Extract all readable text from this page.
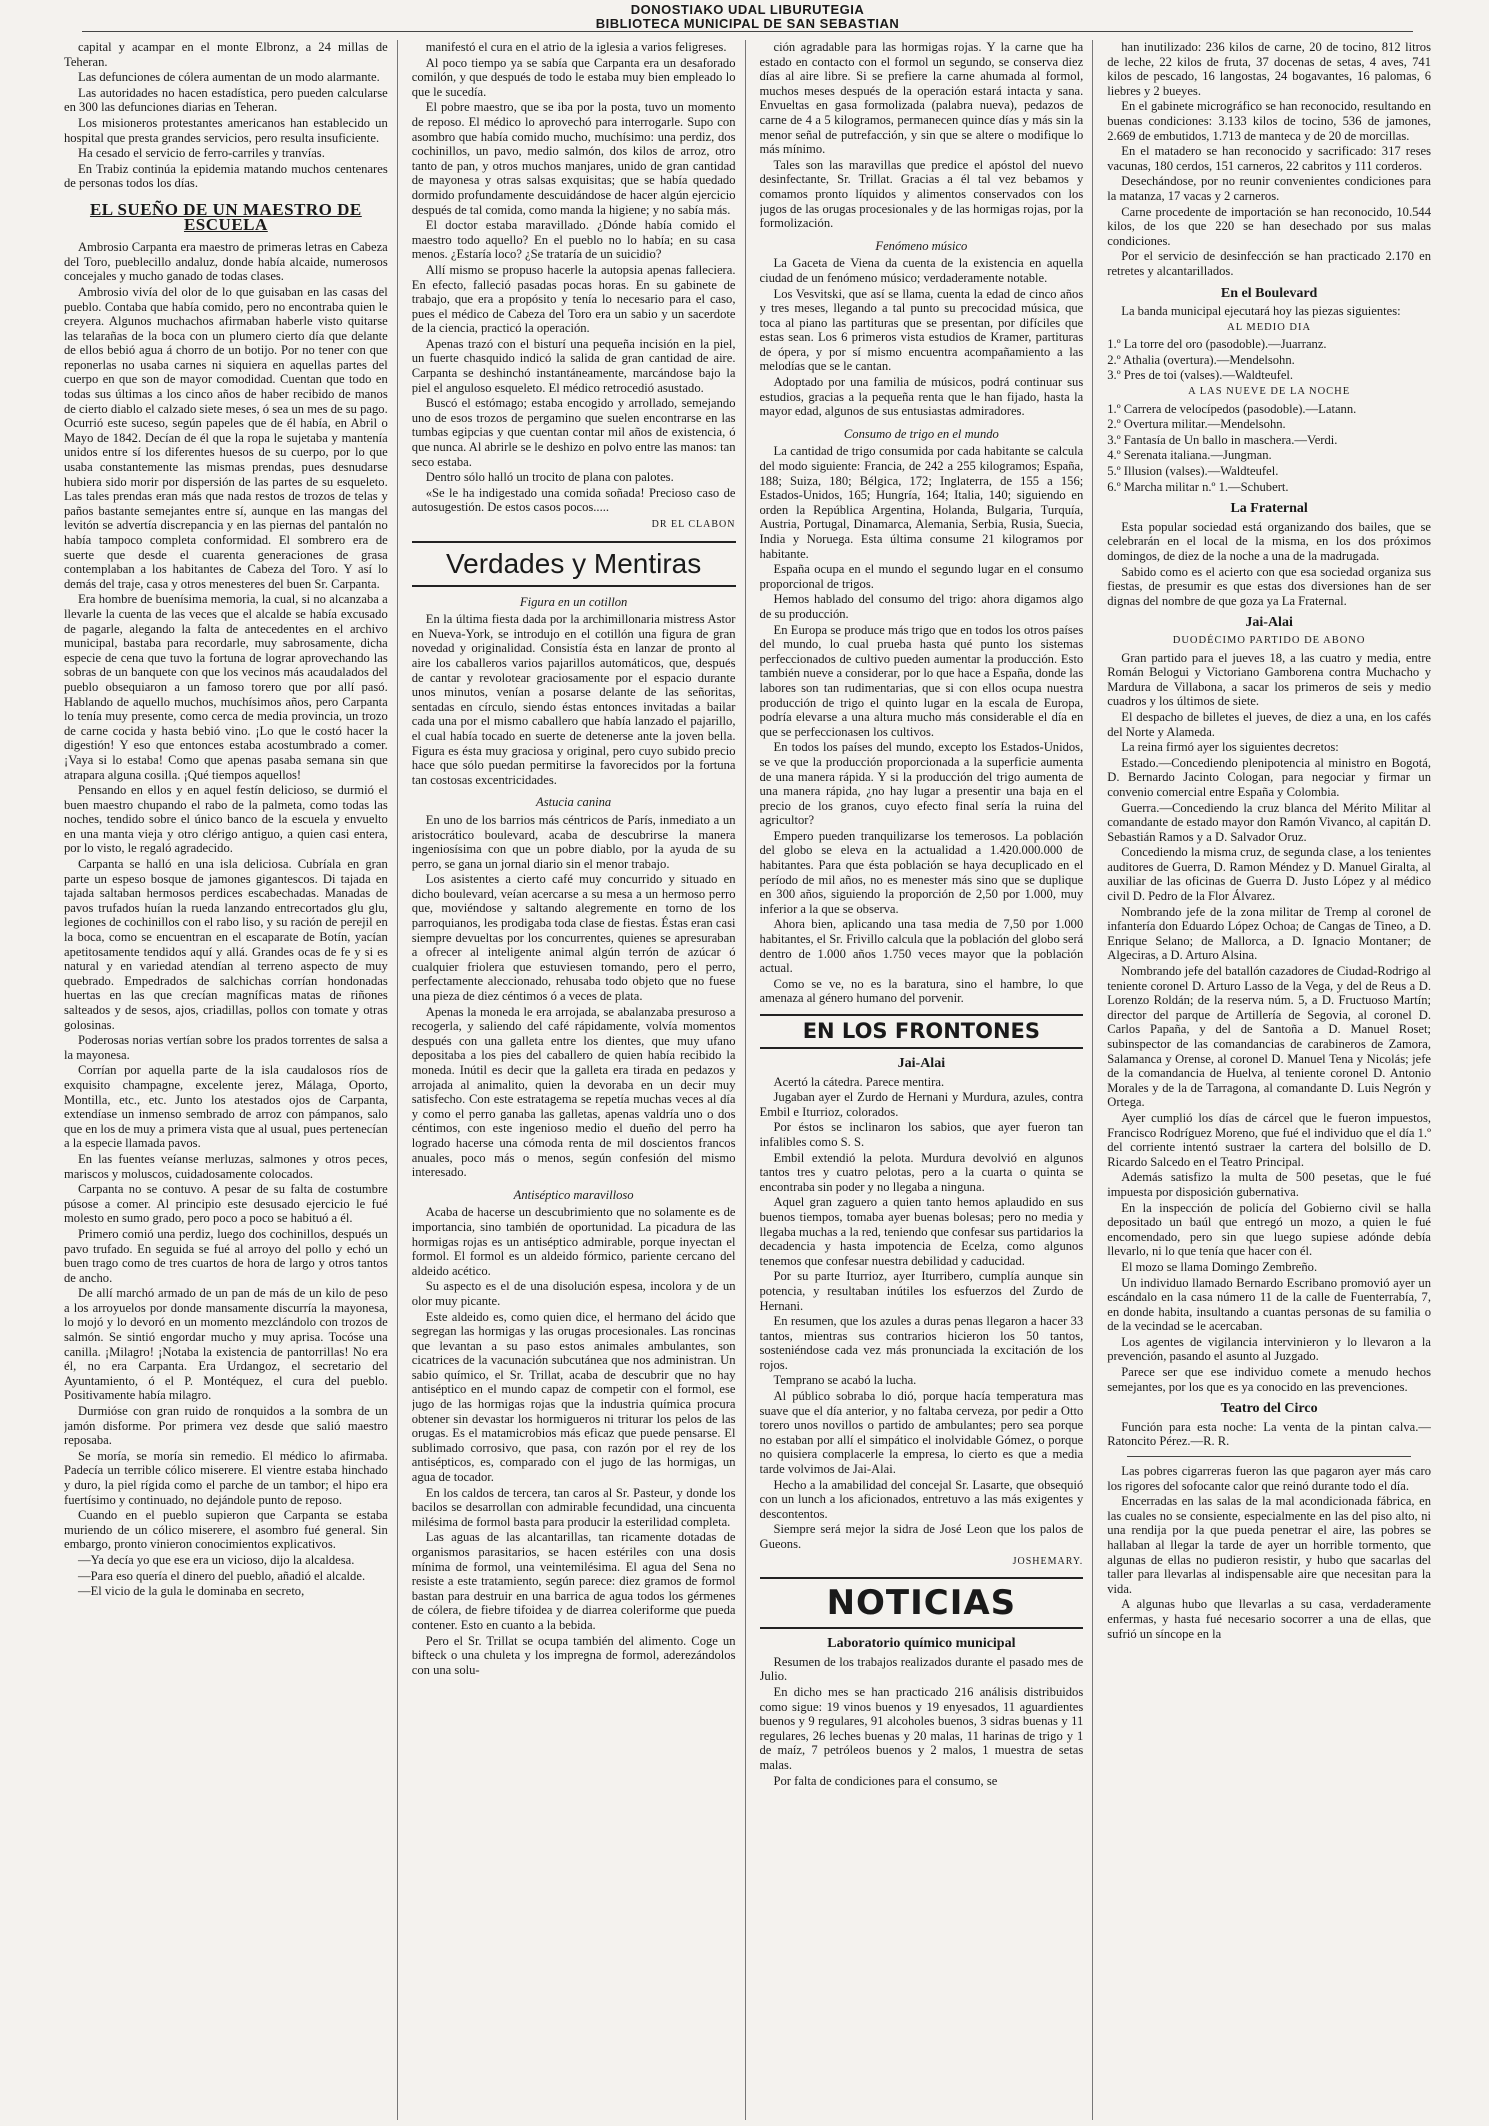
DONOSTIAKO UDAL LIBURUTEGIA
BIBLIOTECA MUNICIPAL DE SAN SEBASTIAN

capital y acampar en el monte Elbronz, a 24 millas de Teheran.

Las defunciones de cólera aumentan de un modo alarmante.

Las autoridades no hacen estadística, pero pueden calcularse en 300 las defunciones diarias en Teheran.

Los misioneros protestantes americanos han establecido un hospital que presta grandes servicios, pero resulta insuficiente.

Ha cesado el servicio de ferro-carriles y tranvías.

En Trabiz continúa la epidemia matando muchos centenares de personas todos los días.

EL SUEÑO DE UN MAESTRO DE ESCUELA

Ambrosio Carpanta era maestro de primeras letras en Cabeza del Toro, pueblecillo andaluz, donde había alcaide, numerosos concejales y mucho ganado de todas clases.

Ambrosio vivía del olor de lo que guisaban en las casas del pueblo. Contaba que había comido, pero no encontraba quien le creyera. Algunos muchachos afirmaban haberle visto quitarse las telarañas de la boca con un plumero cierto día que delante de ellos bebió agua á chorro de un botijo. Por no tener con que reponerlas no usaba carnes ni siquiera en aquellas partes del cuerpo en que son de mayor comodidad. Cuentan que todo en todas sus últimas a los cinco años de haber recibido de manos de cierto diablo el calzado siete meses, ó sea un mes de su pago. Ocurrió este suceso, según papeles que de él había, en Abril o Mayo de 1842. Decían de él que la ropa le sujetaba y mantenía unidos entre sí los diferentes huesos de su cuerpo, por lo que usaba constantemente las mismas prendas, pues desnudarse hubiera sido morir por dispersión de las partes de su esqueleto. Las tales prendas eran más que nada restos de trozos de telas y paños bastante semejantes entre sí, aunque en las mangas del levitón se advertía discrepancia y en las piernas del pantalón no había tampoco completa conformidad. El sombrero era de suerte que desde el cuarenta generaciones de grasa contemplaban a los habitantes de Cabeza del Toro. Y así lo demás del traje, casa y otros menesteres del buen Sr. Carpanta.

Era hombre de buenísima memoria, la cual, si no alcanzaba a llevarle la cuenta de las veces que el alcalde se había excusado de pagarle, alegando la falta de antecedentes en el archivo municipal, bastaba para recordarle, muy sabrosamente, dicha especie de cena que tuvo la fortuna de lograr aprovechando las sobras de un banquete con que los vecinos más acaudalados del pueblo obsequiaron a un famoso torero que por allí pasó. Hablando de aquello muchos, muchísimos años, pero Carpanta lo tenía muy presente, como cerca de media provincia, un trozo de carne cocida y hasta bebió vino. ¡Lo que le costó hacer la digestión! Y eso que entonces estaba acostumbrado a comer. ¡Vaya si lo estaba! Como que apenas pasaba semana sin que atrapara alguna cosilla. ¡Qué tiempos aquellos!

Pensando en ellos y en aquel festín delicioso, se durmió el buen maestro chupando el rabo de la palmeta, como todas las noches, tendido sobre el único banco de la escuela y envuelto en una manta vieja y otro clérigo antiguo, a quien casi entera, por lo visto, le regaló agradecido.

Carpanta se halló en una isla deliciosa. Cubríala en gran parte un espeso bosque de jamones gigantescos. Di tajada en tajada saltaban hermosos perdices escabechadas. Manadas de pavos trufados huían la rueda lanzando entrecortados glu glu, legiones de cochinillos con el rabo liso, y su ración de perejil en la boca, como se encuentran en el escaparate de Botín, yacían apetitosamente tendidos aquí y allá. Grandes ocas de fe y si es natural y en variedad atendían al terreno aspecto de muy quebrado. Empedrados de salchichas corrían hondonadas huertas en las que crecían magníficas matas de riñones salteados y de sesos, ajos, criadillas, pollos con tomate y otras golosinas.

Poderosas norias vertían sobre los prados torrentes de salsa a la mayonesa.

Corrían por aquella parte de la isla caudalosos ríos de exquisito champagne, excelente jerez, Málaga, Oporto, Montilla, etc., etc. Junto los atestados ojos de Carpanta, extendíase un inmenso sembrado de arroz con pámpanos, salo que en los de muy a primera vista que al usual, pues pertenecían a la especie llamada pavos.

En las fuentes veíanse merluzas, salmones y otros peces, mariscos y moluscos, cuidadosamente colocados.

Carpanta no se contuvo. A pesar de su falta de costumbre púsose a comer. Al principio este desusado ejercicio le fué molesto en sumo grado, pero poco a poco se habituó a él.

Primero comió una perdiz, luego dos cochinillos, después un pavo trufado. En seguida se fué al arroyo del pollo y echó un buen trago como de tres cuartos de hora de largo y otros tantos de ancho.

De allí marchó armado de un pan de más de un kilo de peso a los arroyuelos por donde mansamente discurría la mayonesa, lo mojó y lo devoró en un momento mezclándolo con trozos de salmón. Se sintió engordar mucho y muy aprisa. Tocóse una canilla. ¡Milagro! ¡Notaba la existencia de pantorrillas! No era él, no era Carpanta. Era Urdangoz, el secretario del Ayuntamiento, ó el P. Montéquez, el cura del pueblo. Positivamente había milagro.

Durmióse con gran ruido de ronquidos a la sombra de un jamón disforme. Por primera vez desde que salió maestro reposaba.

Se moría, se moría sin remedio. El médico lo afirmaba. Padecía un terrible cólico miserere. El vientre estaba hinchado y duro, la piel rígida como el parche de un tambor; el hipo era fuertísimo y continuado, no dejándole punto de reposo.

Cuando en el pueblo supieron que Carpanta se estaba muriendo de un cólico miserere, el asombro fué general. Sin embargo, pronto vinieron conocimientos explicativos.

—Ya decía yo que ese era un vicioso, dijo la alcaldesa.

—Para eso quería el dinero del pueblo, añadió el alcalde.

—El vicio de la gula le dominaba en secreto,

manifestó el cura en el atrio de la iglesia a varios feligreses.

Al poco tiempo ya se sabía que Carpanta era un desaforado comilón, y que después de todo le estaba muy bien empleado lo que le sucedía.

El pobre maestro, que se iba por la posta, tuvo un momento de reposo. El médico lo aprovechó para interrogarle. Supo con asombro que había comido mucho, muchísimo: una perdiz, dos cochinillos, un pavo, medio salmón, dos kilos de arroz, otro tanto de pan, y otros muchos manjares, unido de gran cantidad de mayonesa y otras salsas exquisitas; que se había quedado dormido profundamente descuidándose de hacer algún ejercicio después de tal comida, como manda la higiene; y no sabía más.

El doctor estaba maravillado. ¿Dónde había comido el maestro todo aquello? En el pueblo no lo había; en su casa menos. ¿Estaría loco? ¿Se trataría de un suicidio?

Allí mismo se propuso hacerle la autopsia apenas falleciera. En efecto, falleció pasadas pocas horas. En su gabinete de trabajo, que era a propósito y tenía lo necesario para el caso, pues el médico de Cabeza del Toro era un sabio y un sacerdote de la ciencia, practicó la operación.

Apenas trazó con el bisturí una pequeña incisión en la piel, un fuerte chasquido indicó la salida de gran cantidad de aire. Carpanta se deshinchó instantáneamente, marcándose bajo la piel el anguloso esqueleto. El médico retrocedió asustado.

Buscó el estómago; estaba encogido y arrollado, semejando uno de esos trozos de pergamino que suelen encontrarse en las tumbas egipcias y que cuentan contar mil años de existencia, ó que nunca. Al abrirle se le deshizo en polvo entre las manos: tan seco estaba.

Dentro sólo halló un trocito de plana con palotes.

«Se le ha indigestado una comida soñada! Precioso caso de autosugestión. De estos casos pocos.....

DR EL CLABON
Verdades y Mentiras
Figura en un cotillon

En la última fiesta dada por la archimillonaria mistress Astor en Nueva-York, se introdujo en el cotillón una figura de gran novedad y originalidad. Consistía ésta en lanzar de pronto al aire los caballeros varios pajarillos automáticos, que, después de cantar y revolotear graciosamente por el espacio durante unos minutos, venían a posarse delante de las señoritas, sentadas en círculo, siendo éstas entonces invitadas a bailar cada una por el mismo caballero que había lanzado el pajarillo, el cual había tocado en suerte de detenerse ante la joven bella. Figura es ésta muy graciosa y original, pero cuyo subido precio hace que sólo puedan permitirse la favorecidos por la fortuna tan costosas excentricidades.

Astucia canina

En uno de los barrios más céntricos de París, inmediato a un aristocrático boulevard, acaba de descubrirse la manera ingeniosísima con que un pobre diablo, por la ayuda de su perro, se gana un jornal diario sin el menor trabajo.

Los asistentes a cierto café muy concurrido y situado en dicho boulevard, veían acercarse a su mesa a un hermoso perro que, moviéndose y saltando alegremente en torno de los parroquianos, les prodigaba toda clase de fiestas. Éstas eran casi siempre devueltas por los concurrentes, quienes se apresuraban a ofrecer al inteligente animal algún terrón de azúcar ó cualquier friolera que estuviesen tomando, pero el perro, perfectamente aleccionado, rehusaba todo objeto que no fuese una pieza de diez céntimos ó a veces de plata.

Apenas la moneda le era arrojada, se abalanzaba presuroso a recogerla, y saliendo del café rápidamente, volvía momentos después con una galleta entre los dientes, que muy ufano depositaba a los pies del caballero de quien había recibido la moneda. Inútil es decir que la galleta era tirada en pedazos y arrojada al animalito, quien la devoraba en un decir muy satisfecho. Con este estratagema se repetía muchas veces al día y como el perro ganaba las galletas, apenas valdría uno o dos céntimos, con este ingenioso medio el dueño del perro ha logrado hacerse una cómoda renta de mil doscientos francos anuales, poco más o menos, según confesión del mismo interesado.

Antiséptico maravilloso

Acaba de hacerse un descubrimiento que no solamente es de importancia, sino también de oportunidad. La picadura de las hormigas rojas es un antiséptico admirable, porque inyectan el formol. El formol es un aldeido fórmico, pariente cercano del aldeido acético.

Su aspecto es el de una disolución espesa, incolora y de un olor muy picante.

Este aldeido es, como quien dice, el hermano del ácido que segregan las hormigas y las orugas procesionales. Las roncinas que levantan a su paso estos animales ambulantes, son cicatrices de la vacunación subcutánea que nos administran. Un sabio químico, el Sr. Trillat, acaba de descubrir que no hay antiséptico en el mundo capaz de competir con el formol, ese jugo de las hormigas rojas que la industria química procura obtener sin devastar los hormigueros ni triturar los pelos de las orugas. Es el matamicrobios más eficaz que puede pensarse. El sublimado corrosivo, que pasa, con razón por el rey de los antisépticos, es, comparado con el jugo de las hormigas, un agua de tocador.

En los caldos de tercera, tan caros al Sr. Pasteur, y donde los bacilos se desarrollan con admirable fecundidad, una cincuenta milésima de formol basta para producir la esterilidad completa.

Las aguas de las alcantarillas, tan ricamente dotadas de organismos parasitarios, se hacen estériles con una dosis mínima de formol, una veintemilésima. El agua del Sena no resiste a este tratamiento, según parece: diez gramos de formol bastan para destruir en una barrica de agua todos los gérmenes de cólera, de fiebre tifoidea y de diarrea coleriforme que pueda contener. Esto en cuanto a la bebida.

Pero el Sr. Trillat se ocupa también del alimento. Coge un bifteck o una chuleta y los impregna de formol, aderezándolos con una solu-

ción agradable para las hormigas rojas. Y la carne que ha estado en contacto con el formol un segundo, se conserva diez días al aire libre. Si se prefiere la carne ahumada al formol, muchos meses después de la operación estará intacta y sana. Envueltas en gasa formolizada (palabra nueva), pedazos de carne de 4 a 5 kilogramos, permanecen quince días y más sin la menor señal de putrefacción, y sin que se altere o modifique lo más mínimo.

Tales son las maravillas que predice el apóstol del nuevo desinfectante, Sr. Trillat. Gracias a él tal vez bebamos y comamos pronto líquidos y alimentos conservados con los jugos de las orugas procesionales y de las hormigas rojas, por la formolización.

Fenómeno músico

La Gaceta de Viena da cuenta de la existencia en aquella ciudad de un fenómeno músico; verdaderamente notable.

Los Vesvitski, que así se llama, cuenta la edad de cinco años y tres meses, llegando a tal punto su precocidad música, que toca al piano las partituras que se presentan, por difíciles que estas sean. Los 6 primeros vista estudios de Kramer, partituras de ópera, y por sí mismo encuentra acompañamiento a las melodías que se le cantan.

Adoptado por una familia de músicos, podrá continuar sus estudios, gracias a la pequeña renta que le han fijado, hasta la mayor edad, algunos de sus entusiastas admiradores.

Consumo de trigo en el mundo

La cantidad de trigo consumida por cada habitante se calcula del modo siguiente: Francia, de 242 a 255 kilogramos; España, 188; Suiza, 180; Bélgica, 172; Inglaterra, de 155 a 156; Estados-Unidos, 165; Hungría, 164; Italia, 140; siguiendo en orden la República Argentina, Holanda, Bulgaria, Turquía, Austria, Portugal, Dinamarca, Alemania, Serbia, Rusia, Suecia, India y Noruega. Esta última consume 21 kilogramos por habitante.

España ocupa en el mundo el segundo lugar en el consumo proporcional de trigos.

Hemos hablado del consumo del trigo: ahora digamos algo de su producción.

En Europa se produce más trigo que en todos los otros países del mundo, lo cual prueba hasta qué punto los sistemas perfeccionados de cultivo pueden aumentar la producción. Esto también nueve a considerar, por lo que hace a España, donde las labores son tan rudimentarias, que si con ellos ocupa nuestra producción de trigo el quinto lugar en la escala de Europa, podría elevarse a una altura mucho más considerable el día en que se perfeccionasen los cultivos.

En todos los países del mundo, excepto los Estados-Unidos, se ve que la producción proporcionada a la superficie aumenta de una manera rápida. Y si la producción del trigo aumenta de una manera rápida, ¿no hay lugar a presentir una baja en el precio de los granos, cuyo efecto final sería la ruina del agricultor?

Empero pueden tranquilizarse los temerosos. La población del globo se eleva en la actualidad a 1.420.000.000 de habitantes. Para que ésta población se haya decuplicado en el período de mil años, no es menester más sino que se duplique en 300 años, siguiendo la proporción de 2,50 por 1.000, muy inferior a la que se observa.

Ahora bien, aplicando una tasa media de 7,50 por 1.000 habitantes, el Sr. Frivillo calcula que la población del globo será dentro de 1.000 años 1.750 veces mayor que la población actual.

Como se ve, no es la baratura, sino el hambre, lo que amenaza al género humano del porvenir.

EN LOS FRONTONES
Jai-Alai

Acertó la cátedra. Parece mentira.

Jugaban ayer el Zurdo de Hernani y Murdura, azules, contra Embil e Iturrioz, colorados.

Por éstos se inclinaron los sabios, que ayer fueron tan infalibles como S. S.

Embil extendió la pelota. Murdura devolvió en algunos tantos tres y cuatro pelotas, pero a la cuarta o quinta se encontraba sin poder y no llegaba a ninguna.

Aquel gran zaguero a quien tanto hemos aplaudido en sus buenos tiempos, tomaba ayer buenas bolesas; pero no media y llegaba muchas a la red, teniendo que confesar sus partidarios la decadencia y hasta impotencia de Ecelza, como algunos tenemos que confesar nuestra debilidad y caducidad.

Por su parte Iturrioz, ayer Iturribero, cumplía aunque sin potencia, y resultaban inútiles los esfuerzos del Zurdo de Hernani.

En resumen, que los azules a duras penas llegaron a hacer 33 tantos, mientras sus contrarios hicieron los 50 tantos, sosteniéndose cada vez más pronunciada la excitación de los rojos.

Temprano se acabó la lucha.

Al público sobraba lo dió, porque hacía temperatura mas suave que el día anterior, y no faltaba cerveza, por pedir a Otto torero unos novillos o partido de ambulantes; pero sea porque no estaban por allí el simpático el inolvidable Gómez, o porque no quisiera complacerle la empresa, lo cierto es que a media tarde volvimos de Jai-Alai.

Hecho a la amabilidad del concejal Sr. Lasarte, que obsequió con un lunch a los aficionados, entretuvo a las más exigentes y descontentos.

Siempre será mejor la sidra de José Leon que los palos de Gueons.

JOSHEMARY.
NOTICIAS
Laboratorio químico municipal

Resumen de los trabajos realizados durante el pasado mes de Julio.

En dicho mes se han practicado 216 análisis distribuidos como sigue: 19 vinos buenos y 19 enyesados, 11 aguardientes buenos y 9 regulares, 91 alcoholes buenos, 3 sidras buenas y 11 regulares, 26 leches buenas y 20 malas, 11 harinas de trigo y 1 de maíz, 7 petróleos buenos y 2 malos, 1 muestra de setas malas.

Por falta de condiciones para el consumo, se

han inutilizado: 236 kilos de carne, 20 de tocino, 812 litros de leche, 22 kilos de fruta, 37 docenas de setas, 4 aves, 741 kilos de pescado, 16 langostas, 24 bogavantes, 16 palomas, 6 liebres y 2 bueyes.

En el gabinete micrográfico se han reconocido, resultando en buenas condiciones: 3.133 kilos de tocino, 536 de jamones, 2.669 de embutidos, 1.713 de manteca y de 20 de morcillas.

En el matadero se han reconocido y sacrificado: 317 reses vacunas, 180 cerdos, 151 carneros, 22 cabritos y 111 corderos.

Desechándose, por no reunir convenientes condiciones para la matanza, 17 vacas y 2 carneros.

Carne procedente de importación se han reconocido, 10.544 kilos, de los que 220 se han desechado por sus malas condiciones.

Por el servicio de desinfección se han practicado 2.170 en retretes y alcantarillados.

En el Boulevard

La banda municipal ejecutará hoy las piezas siguientes:

AL MEDIO DIA

1.º La torre del oro (pasodoble).—Juarranz.

2.º Athalia (overtura).—Mendelsohn.

3.º Pres de toi (valses).—Waldteufel.

A LAS NUEVE DE LA NOCHE

1.º Carrera de velocípedos (pasodoble).—Latann.

2.º Overtura militar.—Mendelsohn.

3.º Fantasía de Un ballo in maschera.—Verdi.

4.º Serenata italiana.—Jungman.

5.º Illusion (valses).—Waldteufel.

6.º Marcha militar n.º 1.—Schubert.

La Fraternal

Esta popular sociedad está organizando dos bailes, que se celebrarán en el local de la misma, en los dos próximos domingos, de diez de la noche a una de la madrugada.

Sabido como es el acierto con que esa sociedad organiza sus fiestas, de presumir es que estas dos diversiones han de ser dignas del nombre de que goza ya La Fraternal.

Jai-Alai
DUODÉCIMO PARTIDO DE ABONO

Gran partido para el jueves 18, a las cuatro y media, entre Román Belogui y Victoriano Gamborena contra Muchacho y Mardura de Villabona, a sacar los primeros de seis y medio cuadros y los últimos de siete.

El despacho de billetes el jueves, de diez a una, en los cafés del Norte y Alameda.

La reina firmó ayer los siguientes decretos:

Estado.—Concediendo plenipotencia al ministro en Bogotá, D. Bernardo Jacinto Cologan, para negociar y firmar un convenio comercial entre España y Colombia.

Guerra.—Concediendo la cruz blanca del Mérito Militar al comandante de estado mayor don Ramón Vivanco, al capitán D. Sebastián Ramos y a D. Salvador Oruz.

Concediendo la misma cruz, de segunda clase, a los tenientes auditores de Guerra, D. Ramon Méndez y D. Manuel Giralta, al auxiliar de las oficinas de Guerra D. Justo López y al médico civil D. Pedro de la Flor Álvarez.

Nombrando jefe de la zona militar de Tremp al coronel de infantería don Eduardo López Ochoa; de Cangas de Tineo, a D. Enrique Selano; de Mallorca, a D. Ignacio Montaner; de Algeciras, a D. Arturo Alsina.

Nombrando jefe del batallón cazadores de Ciudad-Rodrigo al teniente coronel D. Arturo Lasso de la Vega, y del de Reus a D. Lorenzo Roldán; de la reserva núm. 5, a D. Fructuoso Martín; director del parque de Artillería de Segovia, al coronel D. Carlos Papaña, y del de Santoña a D. Manuel Roset; subinspector de las comandancias de carabineros de Zamora, Salamanca y Orense, al coronel D. Manuel Tena y Nicolás; jefe de la comandancia de Huelva, al teniente coronel D. Antonio Morales y de la de Tarragona, al comandante D. Luis Negrón y Ortega.

Ayer cumplió los días de cárcel que le fueron impuestos, Francisco Rodríguez Moreno, que fué el individuo que el día 1.º del corriente intentó sustraer la cartera del bolsillo de D. Ricardo Salcedo en el Teatro Principal.

Además satisfizo la multa de 500 pesetas, que le fué impuesta por disposición gubernativa.

En la inspección de policía del Gobierno civil se halla depositado un baúl que entregó un mozo, a quien le fué encomendado, pero sin que luego supiese adónde debía llevarlo, ni lo que tenía que hacer con él.

El mozo se llama Domingo Zembreño.

Un individuo llamado Bernardo Escribano promovió ayer un escándalo en la casa número 11 de la calle de Fuenterrabía, 7, en donde habita, insultando a cuantas personas de su familia o de la vecindad se le acercaban.

Los agentes de vigilancia intervinieron y lo llevaron a la prevención, pasando el asunto al Juzgado.

Parece ser que ese individuo comete a menudo hechos semejantes, por los que es ya conocido en las prevenciones.

Teatro del Circo

Función para esta noche: La venta de la pintan calva.—Ratoncito Pérez.—R. R.

Las pobres cigarreras fueron las que pagaron ayer más caro los rigores del sofocante calor que reinó durante todo el día.

Encerradas en las salas de la mal acondicionada fábrica, en las cuales no se consiente, especialmente en las del piso alto, ni una rendija por la que pueda penetrar el aire, las pobres se hallaban al llegar la tarde de ayer un horrible tormento, que algunas de ellas no pudieron resistir, y hubo que sacarlas del taller para llevarlas al indispensable aire que necesitan para la vida.

A algunas hubo que llevarlas a su casa, verdaderamente enfermas, y hasta fué necesario socorrer a una de ellas, que sufrió un síncope en la
